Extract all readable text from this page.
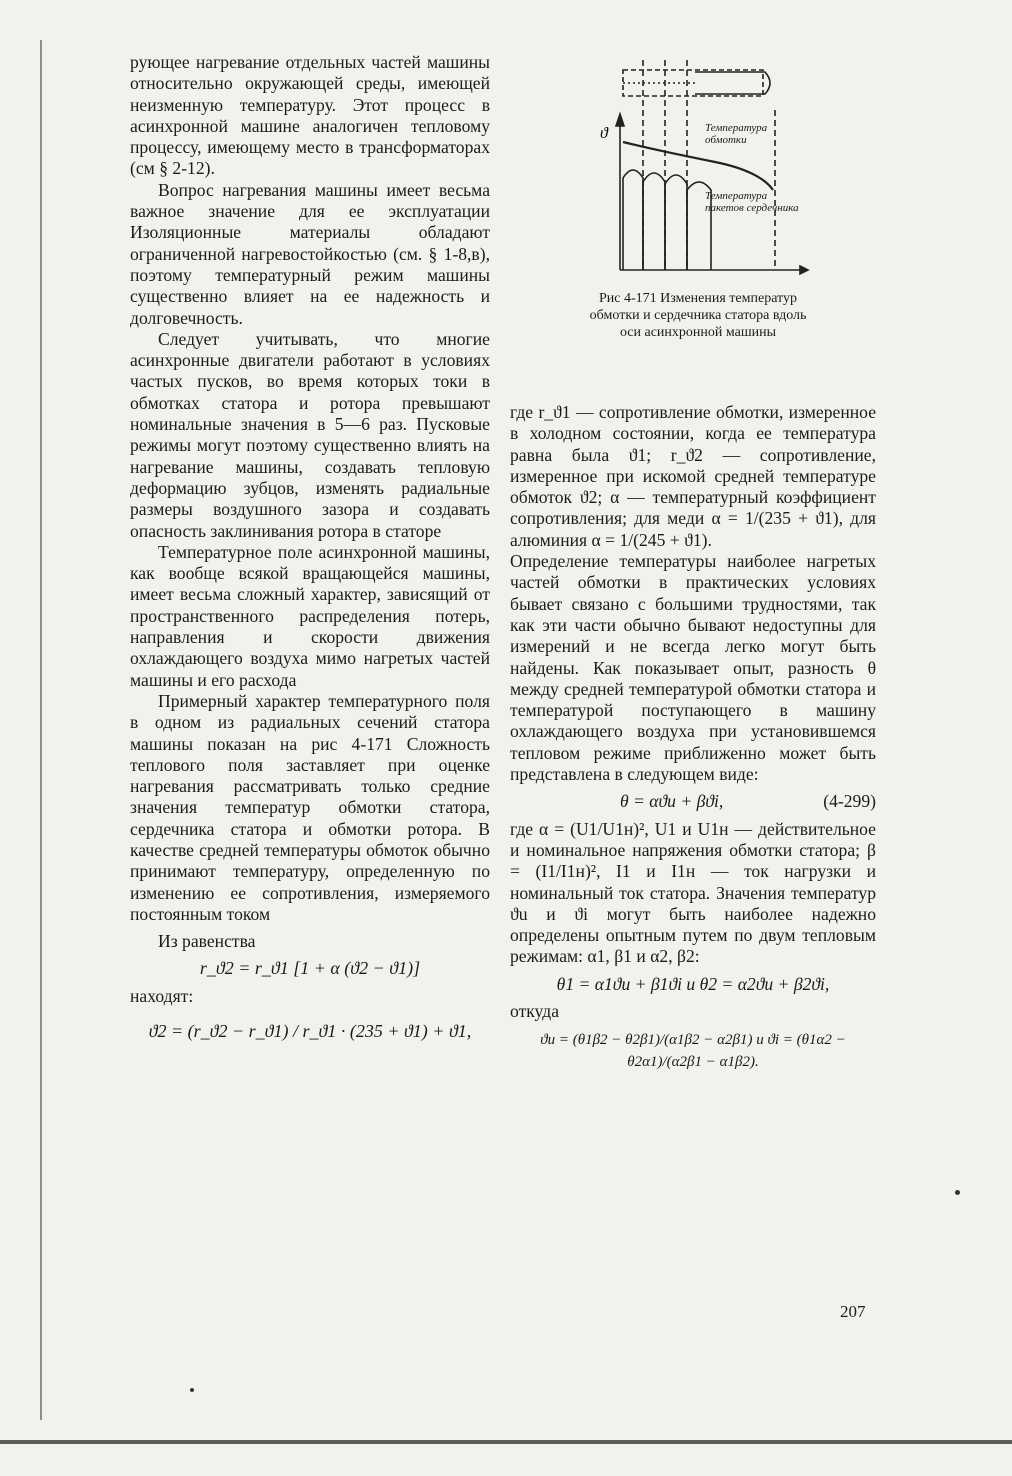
рующее нагревание отдельных частей машины относительно окружающей среды, имеющей неизменную температуру. Этот процесс в асинхронной машине аналогичен тепловому процессу, имеющему место в трансформаторах (см § 2-12).

Вопрос нагревания машины имеет весьма важное значение для ее эксплуатации Изоляционные материалы обладают ограниченной нагревостойкостью (см. § 1-8,в), поэтому температурный режим машины существенно влияет на ее надежность и долговечность.

Следует учитывать, что многие асинхронные двигатели работают в условиях частых пусков, во время которых токи в обмотках статора и ротора превышают номинальные значения в 5—6 раз. Пусковые режимы могут поэтому существенно влиять на нагревание машины, создавать тепловую деформацию зубцов, изменять радиальные размеры воздушного зазора и создавать опасность заклинивания ротора в статоре

Температурное поле асинхронной машины, как вообще всякой вращающейся машины, имеет весьма сложный характер, зависящий от пространственного распределения потерь, направления и скорости движения охлаждающего воздуха мимо нагретых частей машины и его расхода

Примерный характер температурного поля в одном из радиальных сечений статора машины показан на рис 4-171 Сложность теплового поля заставляет при оценке нагревания рассматривать только средние значения температур обмотки статора, сердечника статора и обмотки ротора. В качестве средней температуры обмоток обычно принимают температуру, определенную по изменению ее сопротивления, измеряемого постоянным током

Из равенства

r_ϑ2 = r_ϑ1 [1 + α (ϑ2 − ϑ1)]

находят:

ϑ2 = (r_ϑ2 − r_ϑ1) / r_ϑ1 · (235 + ϑ1) + ϑ1,
ϑ	Температура обмотки
Температура пакетов сердечника
Рис 4-171 Изменения температур обмотки и сердечника статора вдоль оси асинхронной машины

где r_ϑ1 — сопротивление обмотки, измеренное в холодном состоянии, когда ее температура равна была ϑ1; r_ϑ2 — сопротивление, измеренное при искомой средней температуре обмоток ϑ2; α — температурный коэффициент сопротивления; для меди α = 1/(235 + ϑ1), для алюминия α = 1/(245 + ϑ1).

Определение температуры наиболее нагретых частей обмотки в практических условиях бывает связано с большими трудностями, так как эти части обычно бывают недоступны для измерений и не всегда легко могут быть найдены. Как показывает опыт, разность θ между средней температурой обмотки статора и температурой поступающего в машину охлаждающего воздуха при установившемся тепловом режиме приближенно может быть представлена в следующем виде:

θ = αϑu + βϑi,	(4-299)

где α = (U1/U1н)², U1 и U1н — действительное и номинальное напряжения обмотки статора; β = (I1/I1н)², I1 и I1н — ток нагрузки и номинальный ток статора. Значения температур ϑu и ϑi могут быть наиболее надежно определены опытным путем по двум тепловым режимам: α1, β1 и α2, β2:

θ1 = α1ϑu + β1ϑi и θ2 = α2ϑu + β2ϑi,

откуда

ϑu = (θ1β2 − θ2β1)/(α1β2 − α2β1) и ϑi = (θ1α2 − θ2α1)/(α2β1 − α1β2).
207
